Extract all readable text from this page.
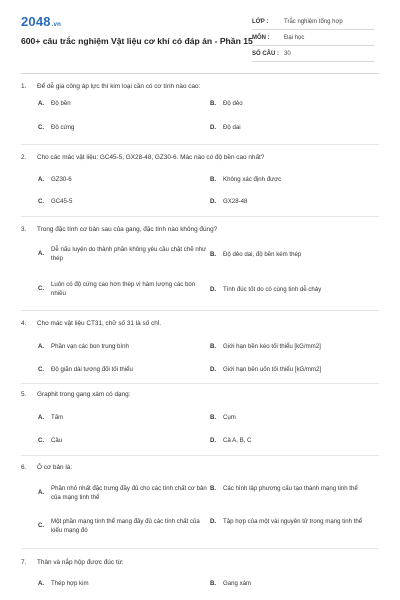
2048.vn
600+ câu trắc nghiệm Vật liệu cơ khí có đáp án - Phần 15
LỚP :	Trắc nghiệm tổng hợp
MÔN :	Đại học
SỐ CÂU : 30
1.	Để dễ gia công áp lực thì kim loại cần có cơ tính nào cao:
A.	Độ bền	B.	Độ dẻo
C.	Độ cứng	D.	Độ dai
2.	Cho các mác vật liệu: GC45-5, GX28-48, GZ30-6. Mác nào có độ bền cao nhất?
A.	GZ30-6	B.	Không xác định được
C.	GC45-5	D.	GX28-48
3.	Trong đặc tính cơ bản sau của gang, đặc tính nào không đúng?
A.
Dễ nấu luyện do thành phần không yêu cầu chặt chẽ như thép
B.	Độ dẻo dai, độ bền kém thép
C.
Luôn có độ cứng cao hơn thép vì hàm lượng các bon nhiều
D.	Tính đúc tốt do có cùng tinh dễ chảy
4.	Cho mác vật liệu CT31, chữ số 31 là số chỉ.
A.	Phần vạn các bon trung bình	B.	Giới hạn bền kéo tối thiểu [kG/mm2]
C.	Độ giãn dài tương đối tối thiểu	D.	Giới hạn bền uốn tối thiểu [kG/mm2]
5.	Graphit trong gang xám có dạng:
A.	Tấm	B.	Cụm
C.	Cầu	D.	Cả A, B, C
6.	Ô cơ bản là:
A.
Phần nhỏ nhất đặc trưng đầy đủ cho các tính chất cơ bản của mạng tinh thể
B.	Các hình lập phương cấu tạo thành mạng tinh thể
C.
Một phần mạng tinh thể mang đầy đủ các tính chất của kiểu mạng đó
D.	Tập hợp của một vài nguyên tử trong mạng tinh thể
7.	Thân và nắp hộp được đúc từ:
A.	Thép hợp kim	B.	Gang xám
